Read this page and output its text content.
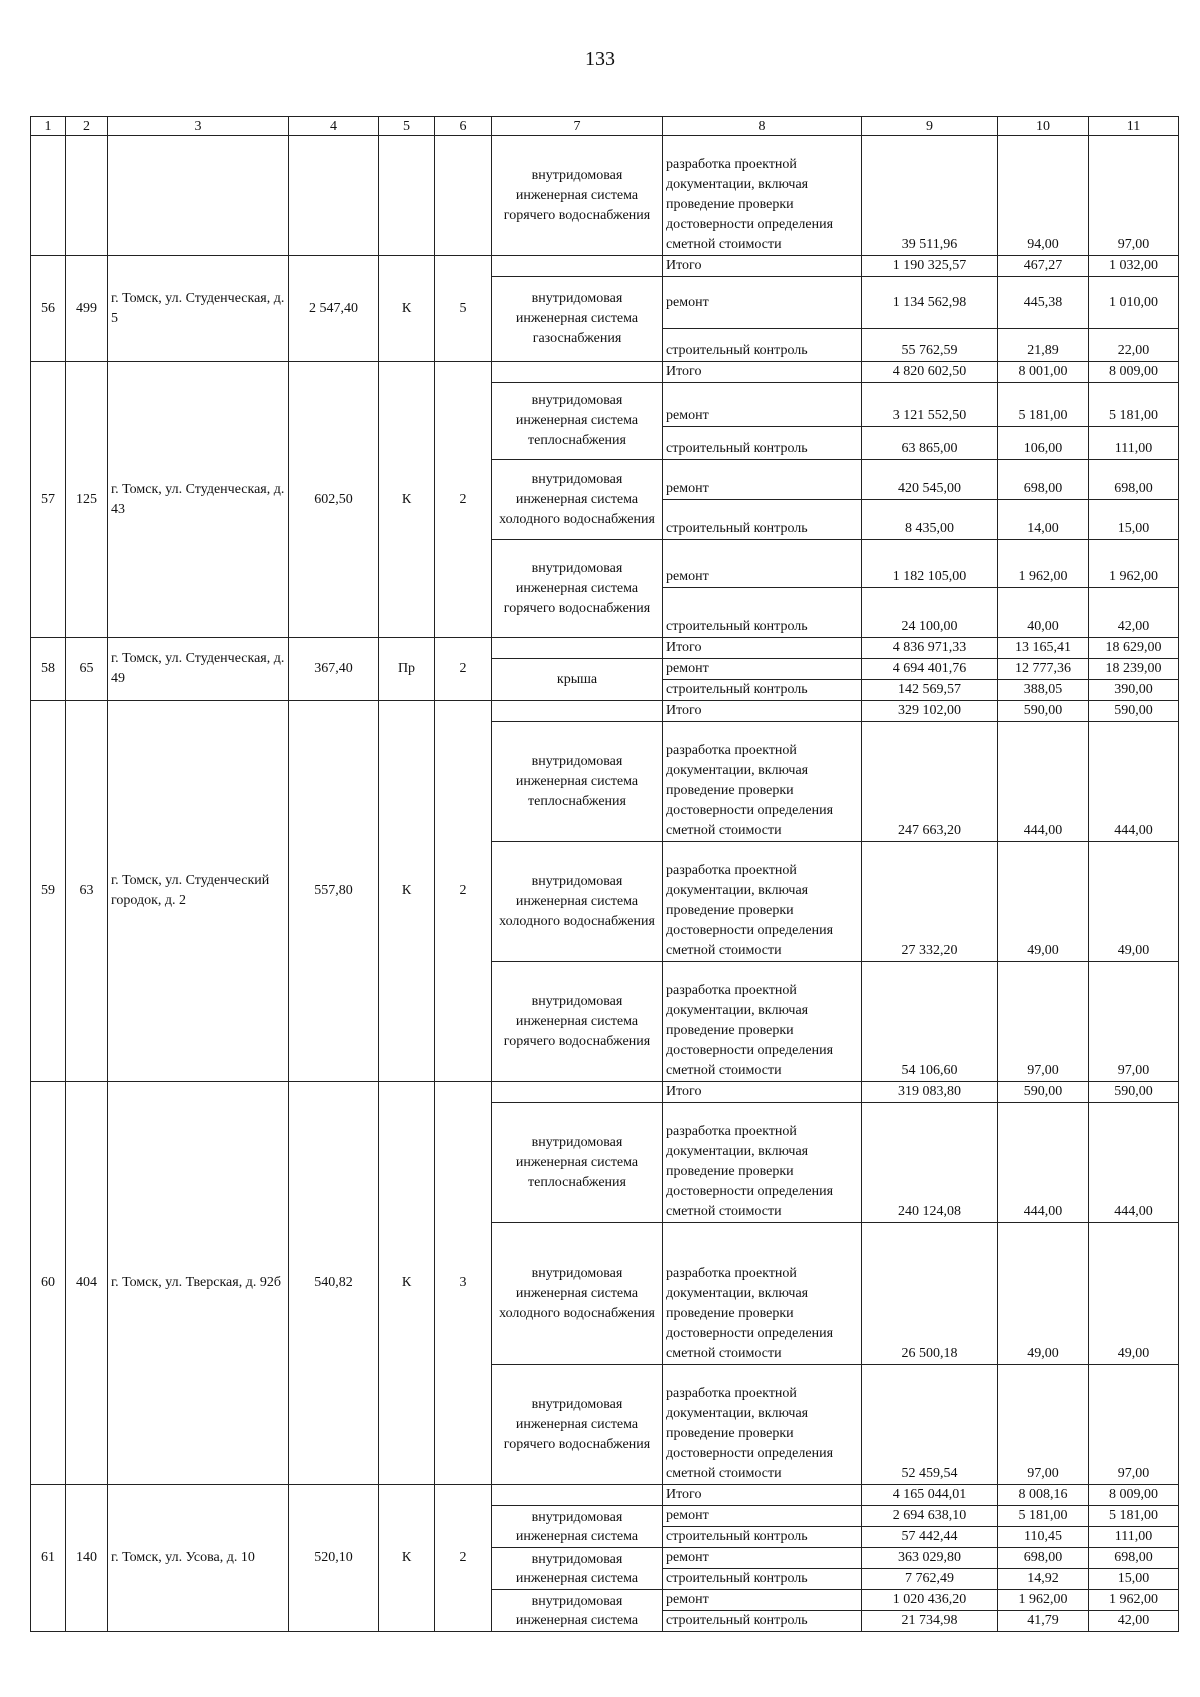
133
1	2	3	4	5	6	7	8	9	10	11
						внутридомовая инженерная система горячего водоснабжения	разработка проектной документации, включая проведение проверки достоверности определения сметной стоимости	39 511,96	94,00	97,00
56	499	г. Томск, ул. Студенческая, д. 5	2 547,40	К	5		Итого	1 190 325,57	467,27	1 032,00
						внутридомовая инженерная система газоснабжения	ремонт	1 134 562,98	445,38	1 010,00
							строительный контроль	55 762,59	21,89	22,00
57	125	г. Томск, ул. Студенческая, д. 43	602,50	К	2		Итого	4 820 602,50	8 001,00	8 009,00
						внутридомовая инженерная система теплоснабжения	ремонт	3 121 552,50	5 181,00	5 181,00
							строительный контроль	63 865,00	106,00	111,00
						внутридомовая инженерная система холодного водоснабжения	ремонт	420 545,00	698,00	698,00
							строительный контроль	8 435,00	14,00	15,00
						внутридомовая инженерная система горячего водоснабжения	ремонт	1 182 105,00	1 962,00	1 962,00
							строительный контроль	24 100,00	40,00	42,00
58	65	г. Томск, ул. Студенческая, д. 49	367,40	Пр	2		Итого	4 836 971,33	13 165,41	18 629,00
						крыша	ремонт	4 694 401,76	12 777,36	18 239,00
							строительный контроль	142 569,57	388,05	390,00
59	63	г. Томск, ул. Студенческий городок, д. 2	557,80	К	2		Итого	329 102,00	590,00	590,00
						внутридомовая инженерная система теплоснабжения	разработка проектной документации, включая проведение проверки достоверности определения сметной стоимости	247 663,20	444,00	444,00
						внутридомовая инженерная система холодного водоснабжения	разработка проектной документации, включая проведение проверки достоверности определения сметной стоимости	27 332,20	49,00	49,00
						внутридомовая инженерная система горячего водоснабжения	разработка проектной документации, включая проведение проверки достоверности определения сметной стоимости	54 106,60	97,00	97,00
60	404	г. Томск, ул. Тверская, д. 92б	540,82	К	3		Итого	319 083,80	590,00	590,00
						внутридомовая инженерная система теплоснабжения	разработка проектной документации, включая проведение проверки достоверности определения сметной стоимости	240 124,08	444,00	444,00
						внутридомовая инженерная система холодного водоснабжения	разработка проектной документации, включая проведение проверки достоверности определения сметной стоимости	26 500,18	49,00	49,00
						внутридомовая инженерная система горячего водоснабжения	разработка проектной документации, включая проведение проверки достоверности определения сметной стоимости	52 459,54	97,00	97,00
61	140	г. Томск, ул. Усова, д. 10	520,10	К	2		Итого	4 165 044,01	8 008,16	8 009,00
						внутридомовая инженерная система	ремонт	2 694 638,10	5 181,00	5 181,00
							строительный контроль	57 442,44	110,45	111,00
						внутридомовая инженерная система	ремонт	363 029,80	698,00	698,00
							строительный контроль	7 762,49	14,92	15,00
						внутридомовая инженерная система	ремонт	1 020 436,20	1 962,00	1 962,00
							строительный контроль	21 734,98	41,79	42,00
